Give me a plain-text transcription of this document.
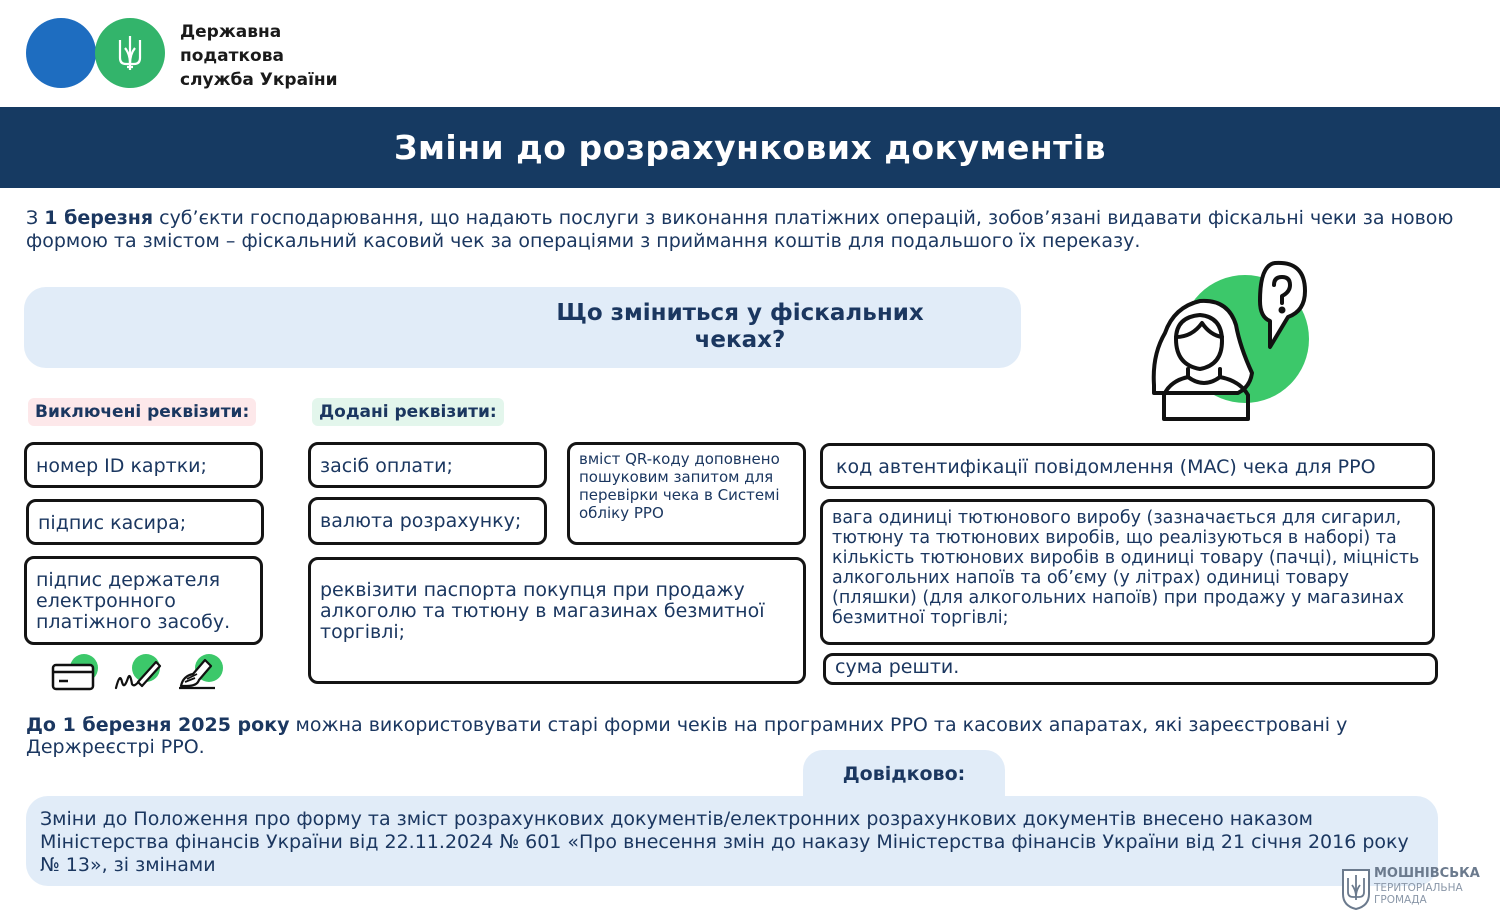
Державна
податкова
служба України
Зміни до розрахункових документів
З 1 березня суб’єкти господарювання, що надають послуги з виконання платіжних операцій, зобов’язані видавати фіскальні чеки за новою формою та змістом – фіскальний касовий чек за операціями з приймання коштів для подальшого їх переказу.
Що зміниться у фіскальних
чеках?
Виключені реквізити:	Додані реквізити:
номер ID картки;
підпис касира;
підпис держателя електронного платіжного засобу.
засіб оплати;
валюта розрахунку;
вміст QR-коду доповнено пошуковим запитом для перевірки чека в Системі обліку РРО
реквізити паспорта покупця при продажу алкоголю та тютюну в магазинах безмитної торгівлі;
код автентифікації повідомлення (MAC) чека для РРО
вага одиниці тютюнового виробу (зазначається для сигарил, тютюну та тютюнових виробів, що реалізуються в наборі) та кількість тютюнових виробів в одиниці товару (пачці), міцність алкогольних напоїв та об’єму (у літрах) одиниці товару (пляшки) (для алкогольних напоїв) при продажу у магазинах безмитної торгівлі;
сума решти.
До 1 березня 2025 року можна використовувати старі форми чеків на програмних РРО та касових апаратах, які зареєстровані у Держреєстрі РРО.
Довідково:
Зміни до Положення про форму та зміст розрахункових документів/електронних розрахункових документів внесено наказом Міністерства фінансів України від 22.11.2024 № 601 «Про внесення змін до наказу Міністерства фінансів України від 21 січня 2016 року № 13», зі змінами	МОШНІВСЬКА
ТЕРИТОРІАЛЬНА ГРОМАДА
